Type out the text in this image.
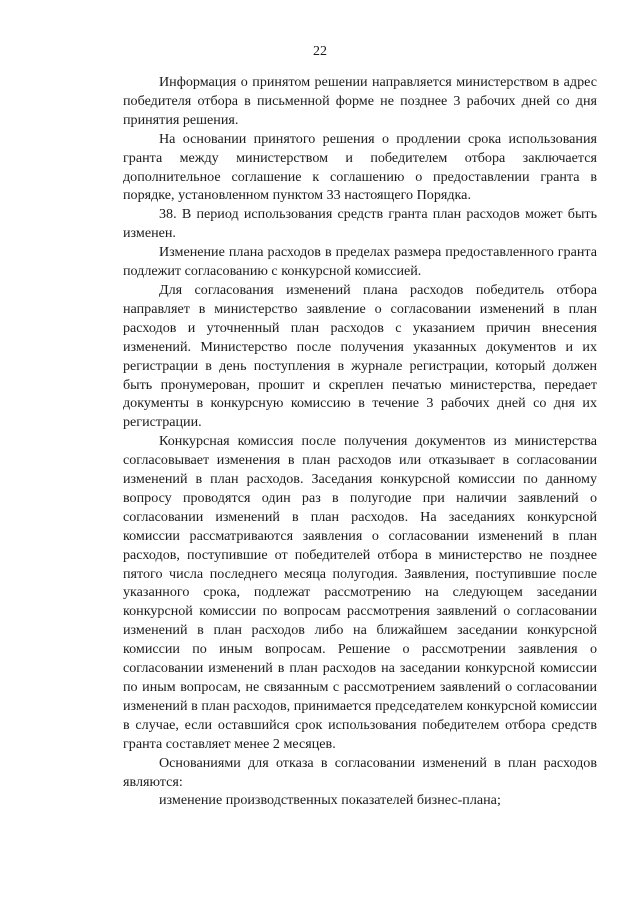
22

Информация о принятом решении направляется министерством в адрес победителя отбора в письменной форме не позднее 3 рабочих дней со дня принятия решения.

На основании принятого решения о продлении срока использования гранта между министерством и победителем отбора заключается дополнительное соглашение к соглашению о предоставлении гранта в порядке, установленном пунктом 33 настоящего Порядка.

38. В период использования средств гранта план расходов может быть изменен.

Изменение плана расходов в пределах размера предоставленного гранта подлежит согласованию с конкурсной комиссией.

Для согласования изменений плана расходов победитель отбора направляет в министерство заявление о согласовании изменений в план расходов и уточненный план расходов с указанием причин внесения изменений. Министерство после получения указанных документов и их регистрации в день поступления в журнале регистрации, который должен быть пронумерован, прошит и скреплен печатью министерства, передает документы в конкурсную комиссию в течение 3 рабочих дней со дня их регистрации.

Конкурсная комиссия после получения документов из министерства согласовывает изменения в план расходов или отказывает в согласовании изменений в план расходов. Заседания конкурсной комиссии по данному вопросу проводятся один раз в полугодие при наличии заявлений о согласовании изменений в план расходов. На заседаниях конкурсной комиссии рассматриваются заявления о согласовании изменений в план расходов, поступившие от победителей отбора в министерство не позднее пятого числа последнего месяца полугодия. Заявления, поступившие после указанного срока, подлежат рассмотрению на следующем заседании конкурсной комиссии по вопросам рассмотрения заявлений о согласовании изменений в план расходов либо на ближайшем заседании конкурсной комиссии по иным вопросам. Решение о рассмотрении заявления о согласовании изменений в план расходов на заседании конкурсной комиссии по иным вопросам, не связанным с рассмотрением заявлений о согласовании изменений в план расходов, принимается председателем конкурсной комиссии в случае, если оставшийся срок использования победителем отбора средств гранта составляет менее 2 месяцев.

Основаниями для отказа в согласовании изменений в план расходов являются:

изменение производственных показателей бизнес-плана;
